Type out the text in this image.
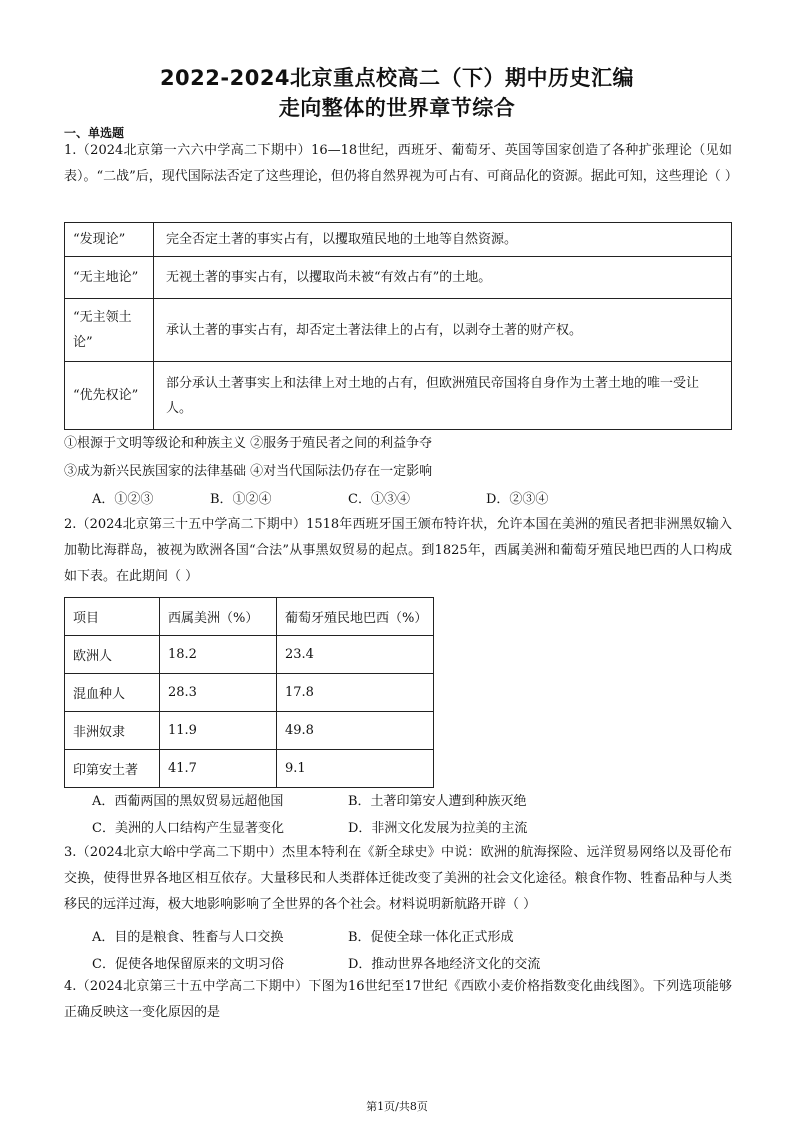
2022-2024北京重点校高二（下）期中历史汇编
走向整体的世界章节综合
一、单选题
1.（2024北京第一六六中学高二下期中）16—18世纪，西班牙、葡萄牙、英国等国家创造了各种扩张理论（见如表）。“二战”后，现代国际法否定了这些理论，但仍将自然界视为可占有、可商品化的资源。据此可知，这些理论（ ）
“发现论”	完全否定土著的事实占有，以攫取殖民地的土地等自然资源。
“无主地论”	无视土著的事实占有，以攫取尚未被“有效占有”的土地。
“无主领土论”	承认土著的事实占有，却否定土著法律上的占有，以剥夺土著的财产权。
“优先权论”	部分承认土著事实上和法律上对土地的占有，但欧洲殖民帝国将自身作为土著土地的唯一受让人。
①根源于文明等级论和种族主义 ②服务于殖民者之间的利益争夺
③成为新兴民族国家的法律基础 ④对当代国际法仍存在一定影响
A．①②③	B．①②④	C．①③④	D．②③④
2.（2024北京第三十五中学高二下期中）1518年西班牙国王颁布特许状，允许本国在美洲的殖民者把非洲黑奴输入加勒比海群岛，被视为欧洲各国“合法”从事黑奴贸易的起点。到1825年，西属美洲和葡萄牙殖民地巴西的人口构成如下表。在此期间（ ）
项目	西属美洲（%）	葡萄牙殖民地巴西（%）
欧洲人	18.2	23.4
混血种人	28.3	17.8
非洲奴隶	11.9	49.8
印第安土著	41.7	9.1
A．西葡两国的黑奴贸易远超他国	B．土著印第安人遭到种族灭绝
C．美洲的人口结构产生显著变化	D．非洲文化发展为拉美的主流
3.（2024北京大峪中学高二下期中）杰里本特利在《新全球史》中说：欧洲的航海探险、远洋贸易网络以及哥伦布交换，使得世界各地区相互依存。大量移民和人类群体迁徙改变了美洲的社会文化途径。粮食作物、牲畜品种与人类移民的远洋过海，极大地影响影响了全世界的各个社会。材料说明新航路开辟（ ）
A．目的是粮食、牲畜与人口交换	B．促使全球一体化正式形成
C．促使各地保留原来的文明习俗	D．推动世界各地经济文化的交流
4.（2024北京第三十五中学高二下期中）下图为16世纪至17世纪《西欧小麦价格指数变化曲线图》。下列选项能够正确反映这一变化原因的是
第1页/共8页
